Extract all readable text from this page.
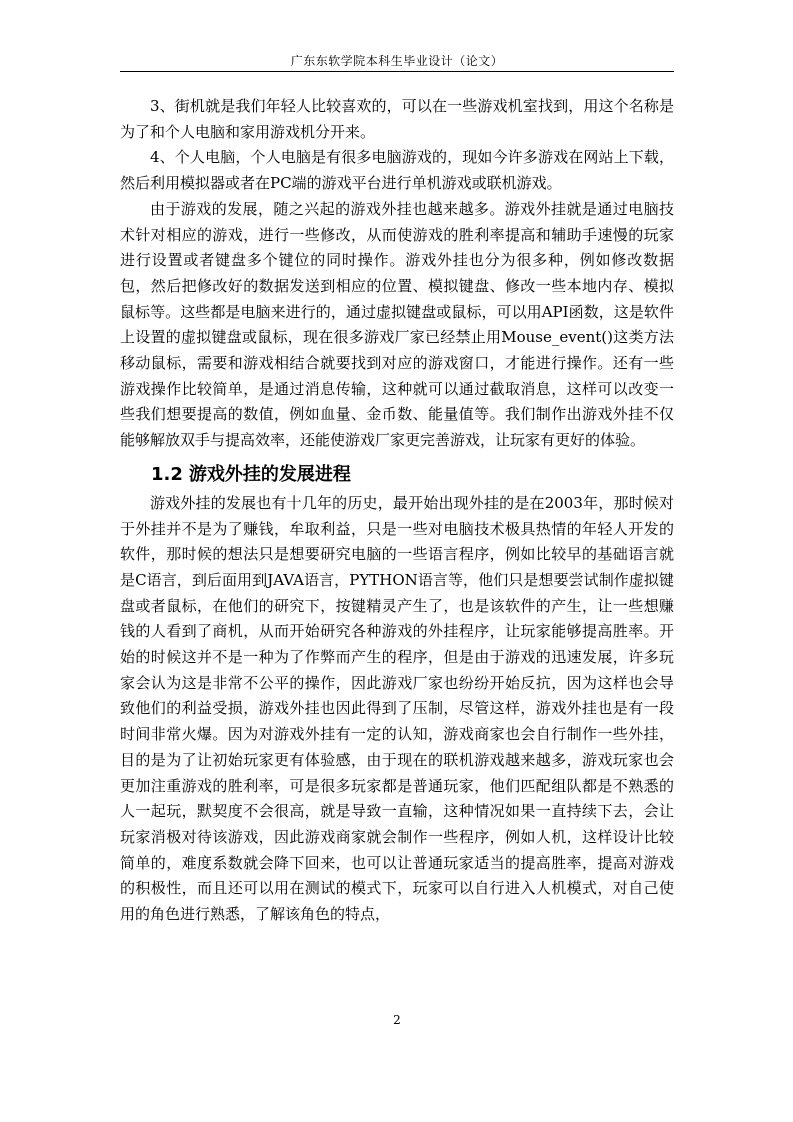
广东东软学院本科生毕业设计（论文）

3、街机就是我们年轻人比较喜欢的，可以在一些游戏机室找到，用这个名称是为了和个人电脑和家用游戏机分开来。

4、个人电脑，个人电脑是有很多电脑游戏的，现如今许多游戏在网站上下载，然后利用模拟器或者在PC端的游戏平台进行单机游戏或联机游戏。

由于游戏的发展，随之兴起的游戏外挂也越来越多。游戏外挂就是通过电脑技术针对相应的游戏，进行一些修改，从而使游戏的胜利率提高和辅助手速慢的玩家进行设置或者键盘多个键位的同时操作。游戏外挂也分为很多种，例如修改数据包，然后把修改好的数据发送到相应的位置、模拟键盘、修改一些本地内存、模拟鼠标等。这些都是电脑来进行的，通过虚拟键盘或鼠标，可以用API函数，这是软件上设置的虚拟键盘或鼠标，现在很多游戏厂家已经禁止用Mouse_event()这类方法移动鼠标，需要和游戏相结合就要找到对应的游戏窗口，才能进行操作。还有一些游戏操作比较简单，是通过消息传输，这种就可以通过截取消息，这样可以改变一些我们想要提高的数值，例如血量、金币数、能量值等。我们制作出游戏外挂不仅能够解放双手与提高效率，还能使游戏厂家更完善游戏，让玩家有更好的体验。

1.2 游戏外挂的发展进程

游戏外挂的发展也有十几年的历史，最开始出现外挂的是在2003年，那时候对于外挂并不是为了赚钱，牟取利益，只是一些对电脑技术极具热情的年轻人开发的软件，那时候的想法只是想要研究电脑的一些语言程序，例如比较早的基础语言就是C语言，到后面用到JAVA语言，PYTHON语言等，他们只是想要尝试制作虚拟键盘或者鼠标，在他们的研究下，按键精灵产生了，也是该软件的产生，让一些想赚钱的人看到了商机，从而开始研究各种游戏的外挂程序，让玩家能够提高胜率。开始的时候这并不是一种为了作弊而产生的程序，但是由于游戏的迅速发展，许多玩家会认为这是非常不公平的操作，因此游戏厂家也纷纷开始反抗，因为这样也会导致他们的利益受损，游戏外挂也因此得到了压制，尽管这样，游戏外挂也是有一段时间非常火爆。因为对游戏外挂有一定的认知，游戏商家也会自行制作一些外挂，目的是为了让初始玩家更有体验感，由于现在的联机游戏越来越多，游戏玩家也会更加注重游戏的胜利率，可是很多玩家都是普通玩家，他们匹配组队都是不熟悉的人一起玩，默契度不会很高，就是导致一直输，这种情况如果一直持续下去，会让玩家消极对待该游戏，因此游戏商家就会制作一些程序，例如人机，这样设计比较简单的，难度系数就会降下回来，也可以让普通玩家适当的提高胜率，提高对游戏的积极性，而且还可以用在测试的模式下，玩家可以自行进入人机模式，对自己使用的角色进行熟悉，了解该角色的特点，

2
